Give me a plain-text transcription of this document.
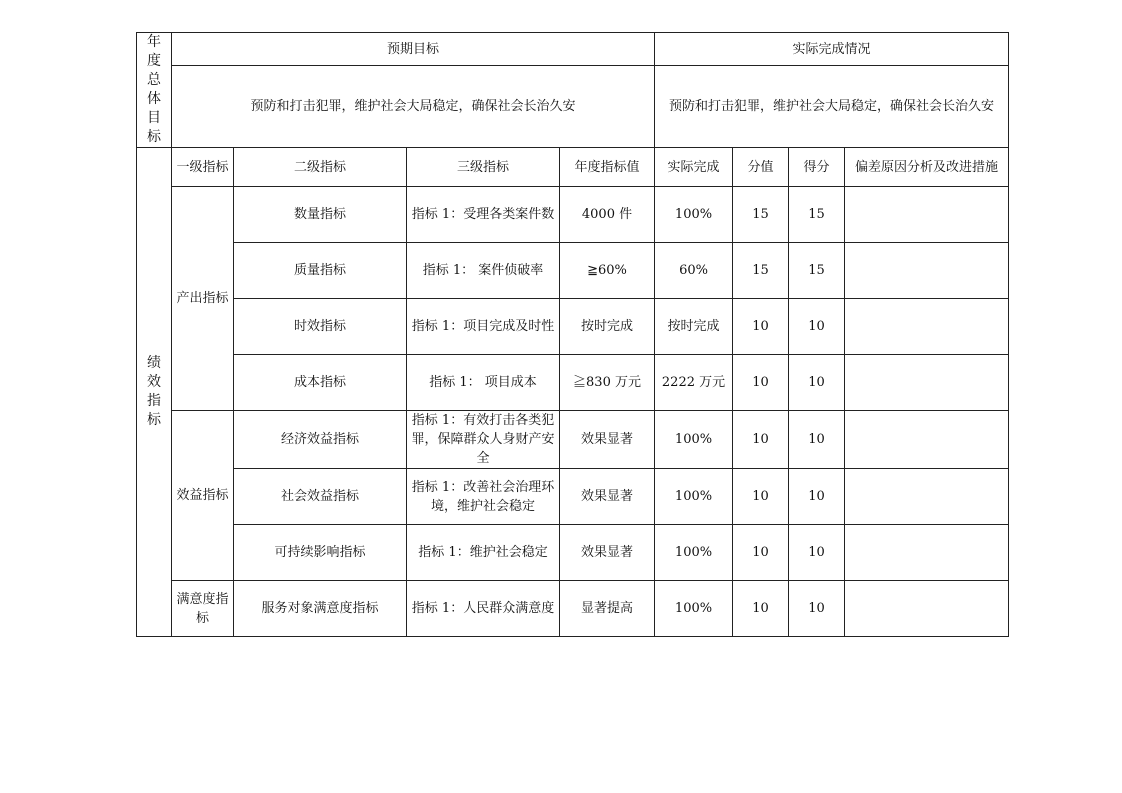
年度总体目标	预期目标				实际完成情况			
	预防和打击犯罪，维护社会大局稳定，确保社会长治久安				预防和打击犯罪，维护社会大局稳定，确保社会长治久安			

绩效指标	一级指标	二级指标	三级指标	年度指标值	实际完成	分值	得分	偏差原因分析及改进措施
	产出指标	数量指标	指标 1：受理各类案件数	4000 件	100%	15	15	
		质量指标	指标 1： 案件侦破率	≧60%	60%	15	15	
		时效指标	指标 1：项目完成及时性	按时完成	按时完成	10	10	
		成本指标	指标 1： 项目成本	≧830 万元	2222 万元	10	10	
	效益指标	经济效益指标	指标 1：有效打击各类犯罪，保障群众人身财产安全	效果显著	100%	10	10	
		社会效益指标	指标 1：改善社会治理环境，维护社会稳定	效果显著	100%	10	10	
		可持续影响指标	指标 1：维护社会稳定	效果显著	100%	10	10	
	满意度指标	服务对象满意度指标	指标 1：人民群众满意度	显著提高	100%	10	10	
